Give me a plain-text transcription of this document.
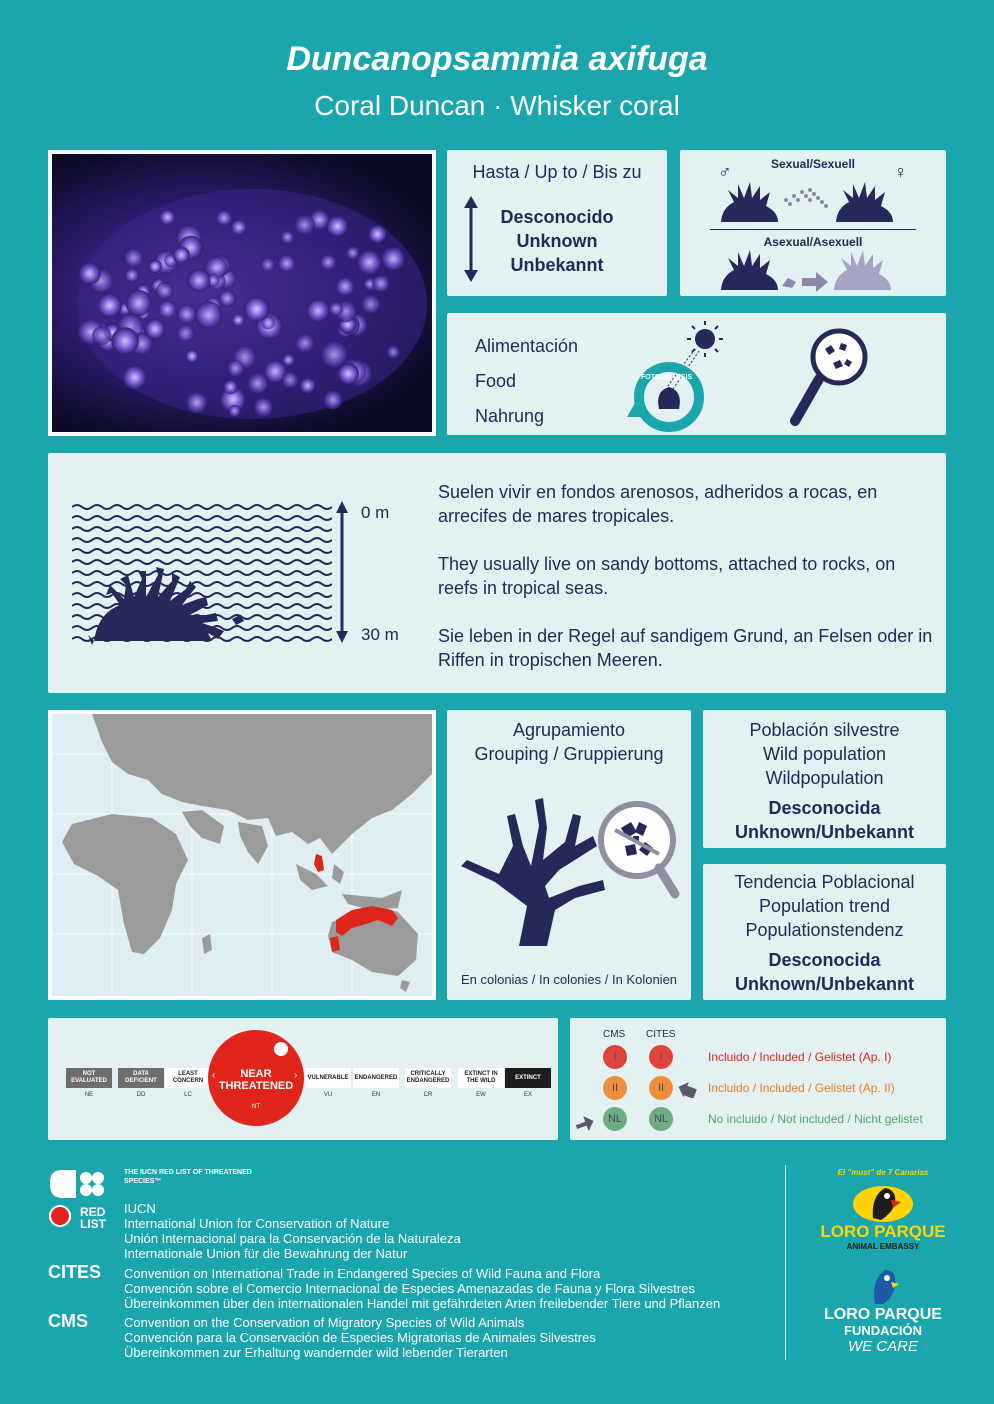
Duncanopsammia axifuga
Coral Duncan · Whisker coral
Hasta / Up to / Bis zu
Desconocido
Unknown
Unbekannt
Sexual/Sexuell
♂	♀
Asexual/Asexuell
Alimentación
Food
Nahrung
FOTOSÍNTESIS
0 m
30 m
Suelen vivir en fondos arenosos, adheridos a rocas, en arrecifes de mares tropicales.
They usually live on sandy bottoms, attached to rocks, on reefs in tropical seas.
Sie leben in der Regel auf sandigem Grund, an Felsen oder in Riffen in tropischen Meeren.
Agrupamiento
Grouping / Gruppierung
En colonias / In colonies / In Kolonien
Población silvestre
Wild population
Wildpopulation
Desconocida
Unknown/Unbekannt
Tendencia Poblacional
Population trend
Populationstendenz
Desconocida
Unknown/Unbekannt
NOT EVALUATED
NE
DATA DEFICIENT
DD
LEAST CONCERN
LC
VULNERABLE
VU
ENDANGERED
EN
CRITICALLY ENDANGERED
CR
EXTINCT IN THE WILD
EW
EXTINCT
EX
NEAR THREATENED
NT
‹	›
CMS CITES
I	I	Incluido / Included / Gelistet (Ap. I)
II	II	Incluido / Included / Gelistet (Ap. II)
NL	NL	No incluido / Not included / Nicht gelistet
RED LIST
THE IUCN RED LIST OF THREATENED SPECIES™
IUCN
International Union for Conservation of Nature
Unión Internacional para la Conservación de la Naturaleza
Internationale Union für die Bewahrung der Natur
CITES Convention on International Trade in Endangered Species of Wild Fauna and Flora
Convención sobre el Comercio Internacional de Especies Amenazadas de Fauna y Flora Silvestres
Übereinkommen über den internationalen Handel mit gefährdeten Arten freilebender Tiere und Pflanzen
CMS	Convention on the Conservation of Migratory Species of Wild Animals
Convención para la Conservación de Especies Migratorias de Animales Silvestres
Übereinkommen zur Erhaltung wandernder wild lebender Tierarten
El "must" de 7 Canarias
LORO PARQUE
ANIMAL EMBASSY
LORO PARQUE
FUNDACIÓN
WE CARE
